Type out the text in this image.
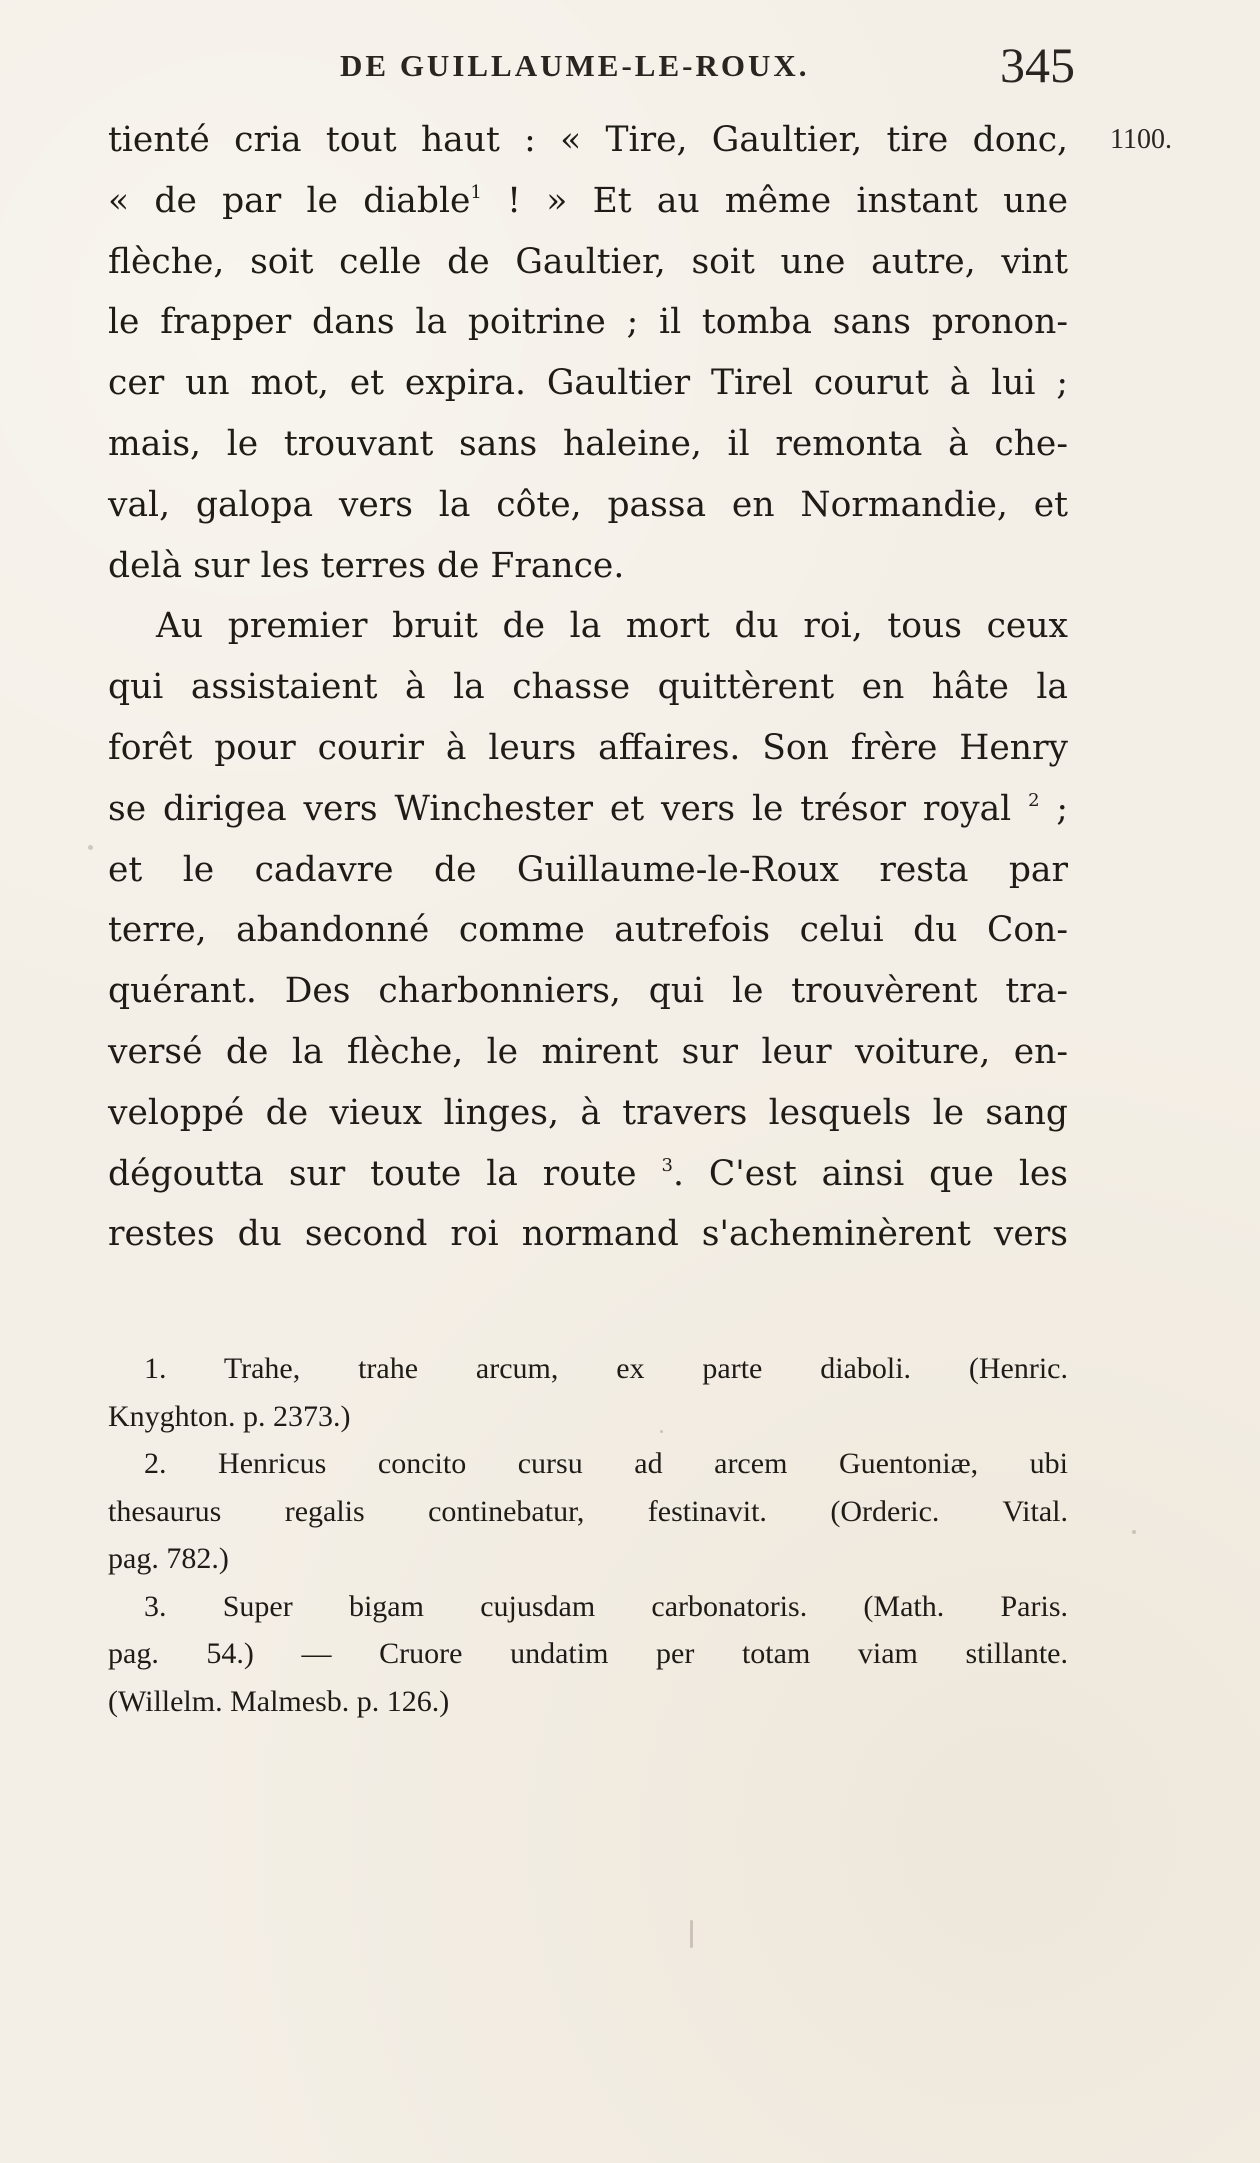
DE GUILLAUME-LE-ROUX.	345
1100.
tienté cria tout haut : « Tire, Gaultier, tire donc,
« de par le diable$^1$ ! » Et au même instant une
flèche, soit celle de Gaultier, soit une autre, vint
le frapper dans la poitrine ; il tomba sans pronon-
cer un mot, et expira. Gaultier Tirel courut à lui ;
mais, le trouvant sans haleine, il remonta à che-
val, galopa vers la côte, passa en Normandie, et
delà sur les terres de France.
Au premier bruit de la mort du roi, tous ceux
qui assistaient à la chasse quittèrent en hâte la
forêt pour courir à leurs affaires. Son frère Henry
se dirigea vers Winchester et vers le trésor royal $^2$ ;
et le cadavre de Guillaume-le-Roux resta par
terre, abandonné comme autrefois celui du Con-
quérant. Des charbonniers, qui le trouvèrent tra-
versé de la flèche, le mirent sur leur voiture, en-
veloppé de vieux linges, à travers lesquels le sang
dégoutta sur toute la route $^3$. C'est ainsi que les
restes du second roi normand s'acheminèrent vers
1. Trahe, trahe arcum, ex parte diaboli. (Henric.
Knyghton. p. 2373.)
2. Henricus concito cursu ad arcem Guentoniæ, ubi
thesaurus regalis continebatur, festinavit. (Orderic. Vital.
pag. 782.)
3. Super bigam cujusdam carbonatoris. (Math. Paris.
pag. 54.) — Cruore undatim per totam viam stillante.
(Willelm. Malmesb. p. 126.)
